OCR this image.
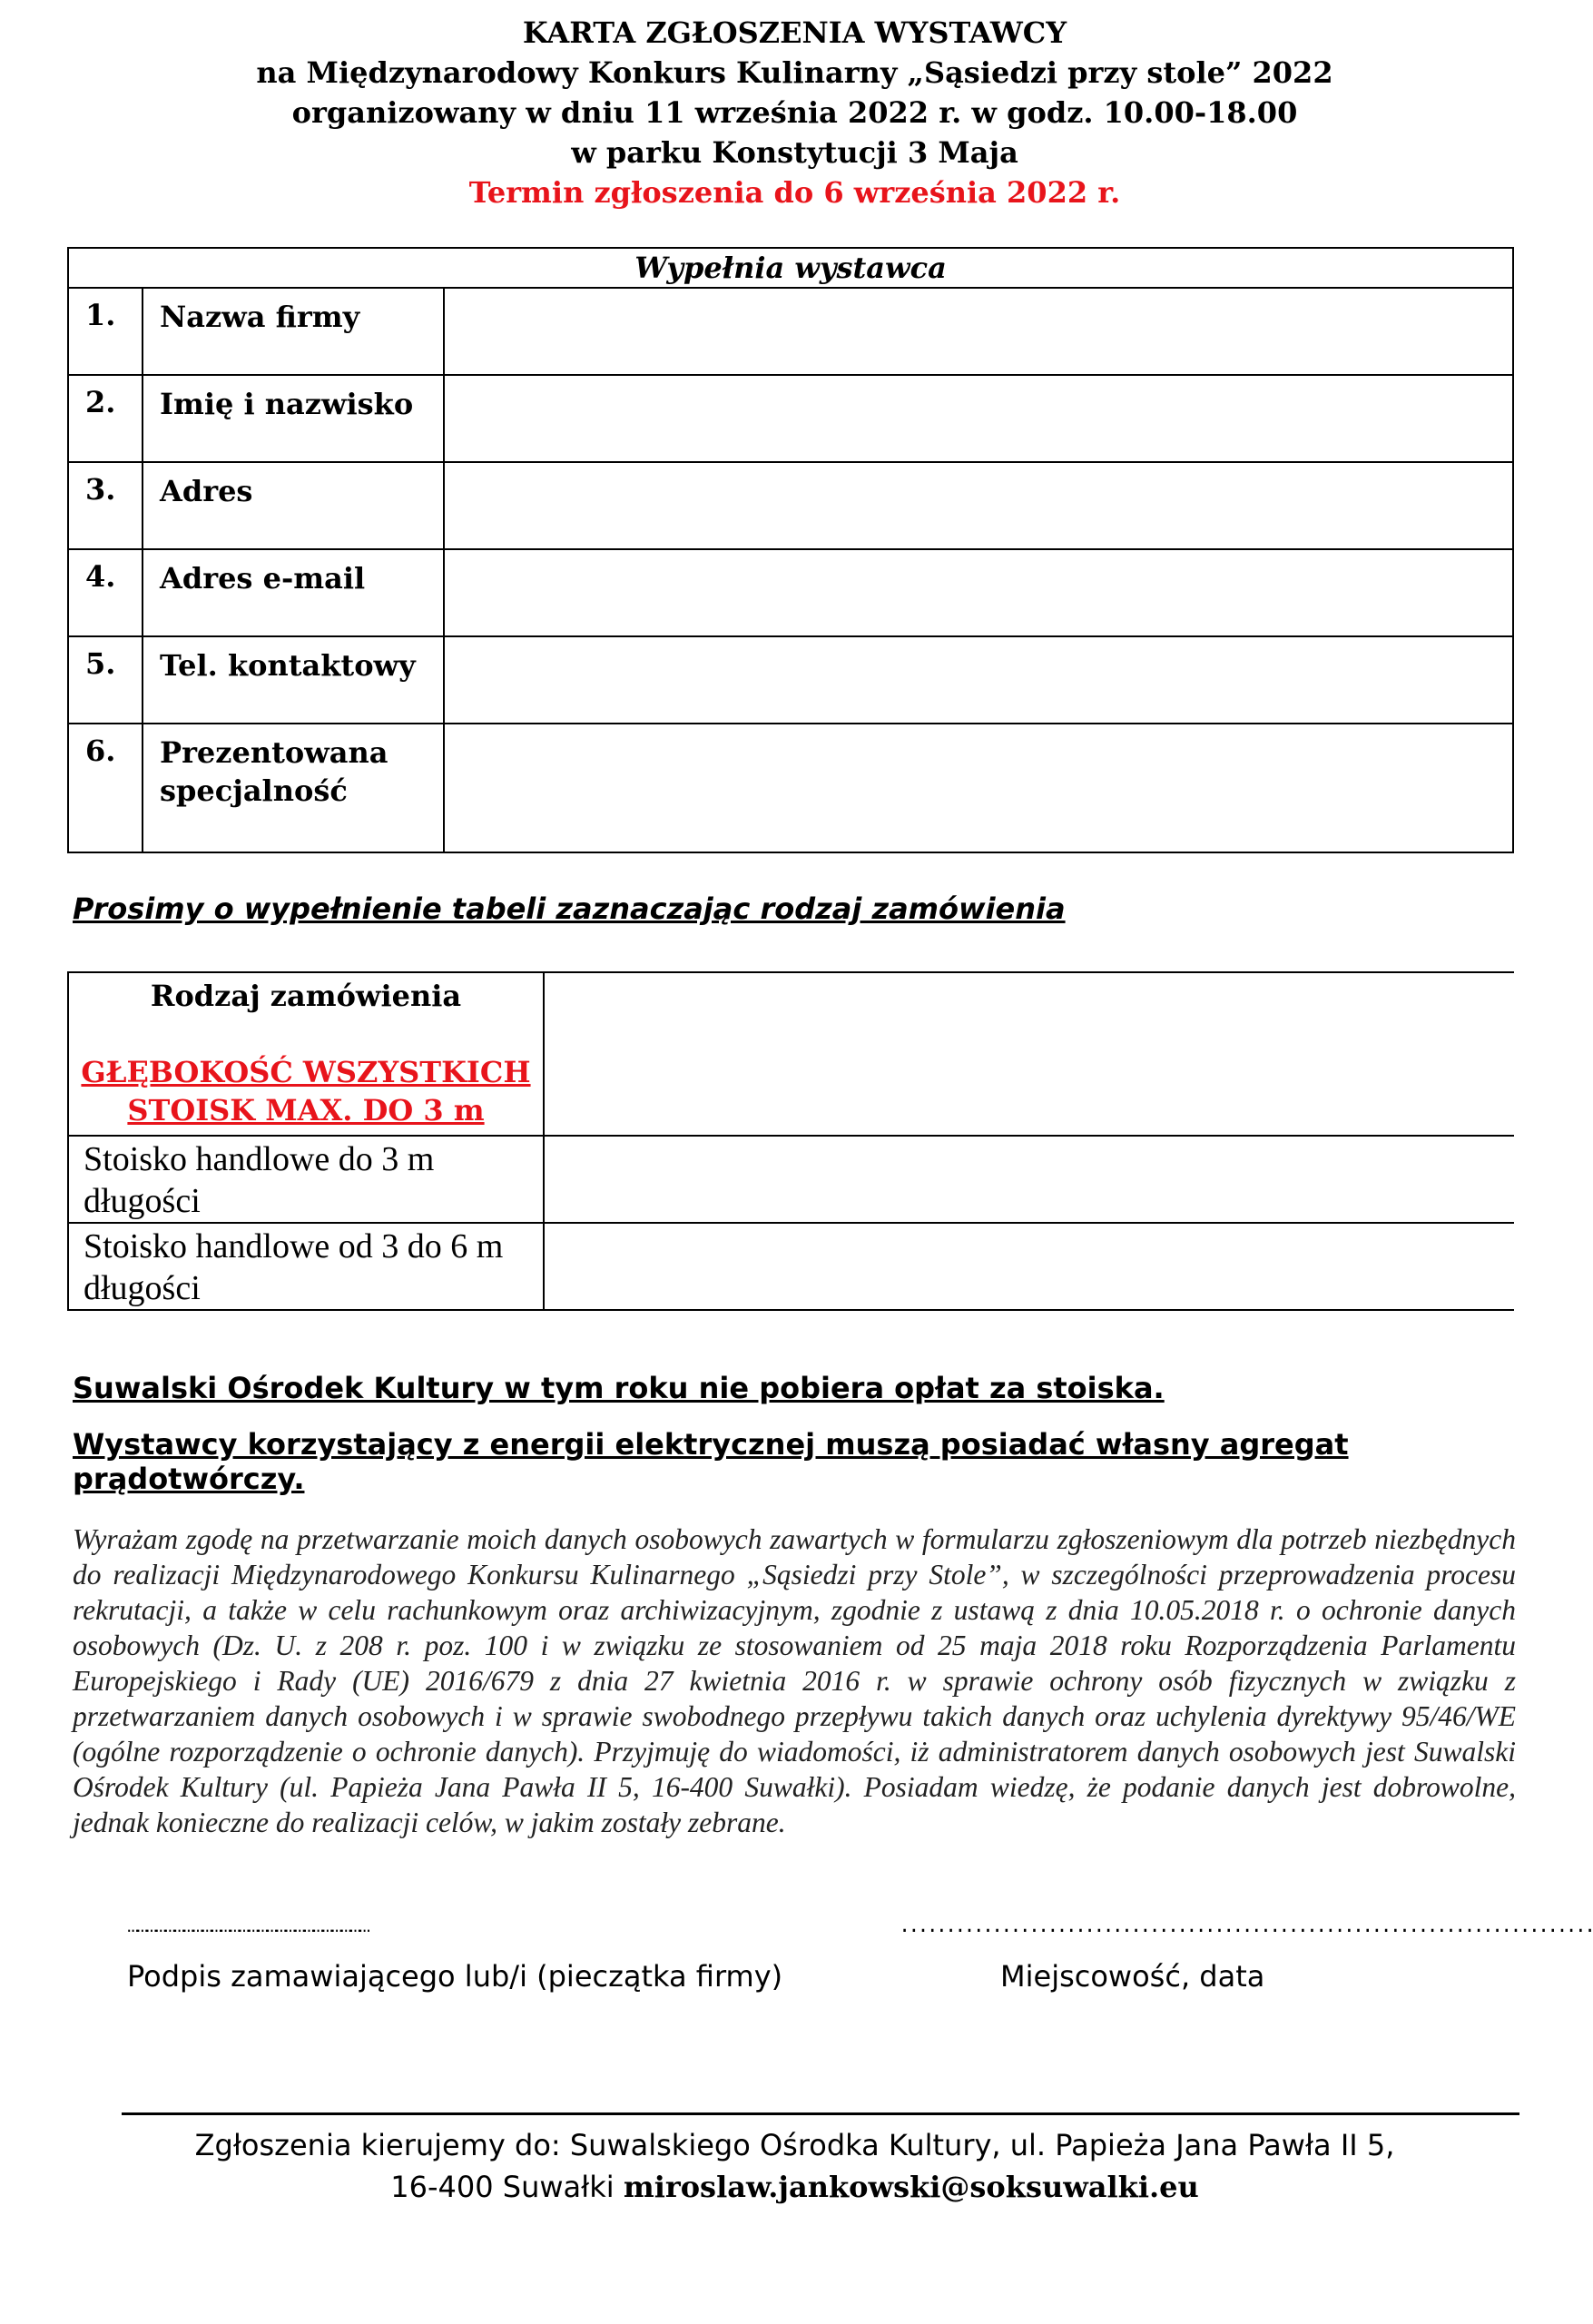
KARTA ZGŁOSZENIA WYSTAWCY
na Międzynarodowy Konkurs Kulinarny „Sąsiedzi przy stole” 2022
organizowany w dniu 11 września 2022 r. w godz. 10.00-18.00
w parku Konstytucji 3 Maja
Termin zgłoszenia do 6 września 2022 r.
Wypełnia wystawca		
1.	Nazwa firmy	
2.	Imię i nazwisko	
3.	Adres	
4.	Adres e-mail	
5.	Tel. kontaktowy	
6.	Prezentowana specjalność	
Prosimy o wypełnienie tabeli zaznaczając rodzaj zamówienia
Rodzaj zamówienia
GŁĘBOKOŚĆ WSZYSTKICH STOISK MAX. DO 3 m	

Stoisko handlowe do 3 m długości	
Stoisko handlowe od 3 do 6 m długości	
Suwalski Ośrodek Kultury w tym roku nie pobiera opłat za stoiska.
Wystawcy korzystający z energii elektrycznej muszą posiadać własny agregat prądotwórczy.
Wyrażam zgodę na przetwarzanie moich danych osobowych zawartych w formularzu zgłoszeniowym dla potrzeb niezbędnych do realizacji Międzynarodowego Konkursu Kulinarnego „Sąsiedzi przy Stole”, w szczególności przeprowadzenia procesu rekrutacji, a także w celu rachunkowym oraz archiwizacyjnym, zgodnie z ustawą z dnia 10.05.2018 r. o ochronie danych osobowych (Dz. U. z 208 r. poz. 100 i w związku ze stosowaniem od 25 maja 2018 roku Rozporządzenia Parlamentu Europejskiego i Rady (UE) 2016/679 z dnia 27 kwietnia 2016 r. w sprawie ochrony osób fizycznych w związku z przetwarzaniem danych osobowych i w sprawie swobodnego przepływu takich danych oraz uchylenia dyrektywy 95/46/WE (ogólne rozporządzenie o ochronie danych). Przyjmuję do wiadomości, iż administratorem danych osobowych jest Suwalski Ośrodek Kultury (ul. Papieża Jana Pawła II 5, 16-400 Suwałki). Posiadam wiedzę, że podanie danych jest dobrowolne, jednak konieczne do realizacji celów, w jakim zostały zebrane.
……………………………………………………………………	...........................................................................
Podpis zamawiającego lub/i (pieczątka firmy)	Miejscowość, data
Zgłoszenia kierujemy do: Suwalskiego Ośrodka Kultury, ul. Papieża Jana Pawła II 5,
16-400 Suwałki miroslaw.jankowski@soksuwalki.eu
